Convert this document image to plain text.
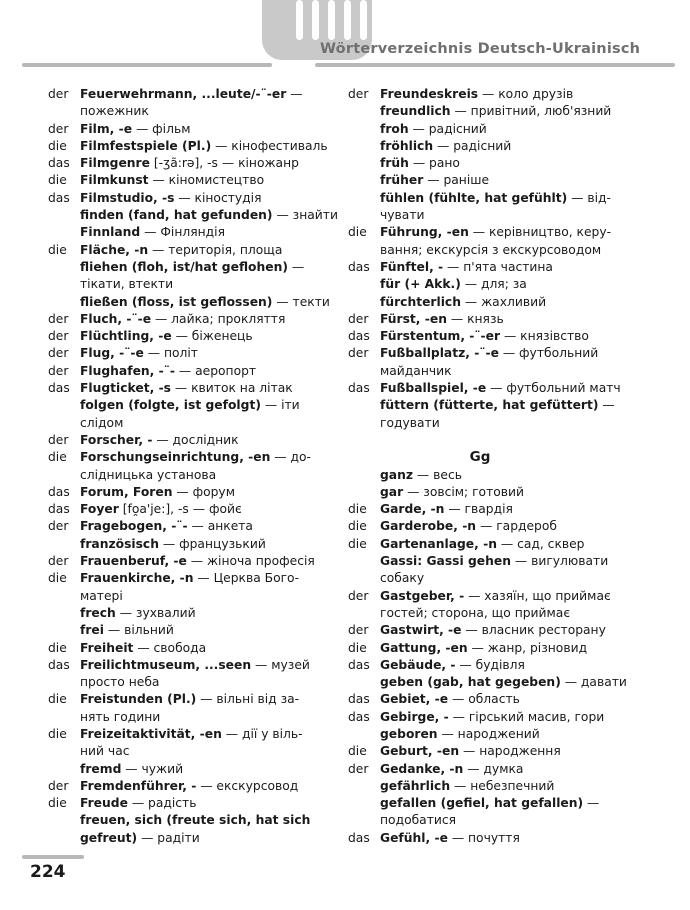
Wörterverzeichnis Deutsch-Ukrainisch
der Feuerwehrmann, ...leute/-¨-er —
пожежник
der Film, -e — фільм
die Filmfestspiele (Pl.) — кінофестиваль
das Filmgenre [-ʒã:rə], -s — кіножанр
die Filmkunst — кіномистецтво
das Filmstudio, -s — кіностудія
finden (fand, hat gefunden) — знайти
Finnland — Фінляндія
die Fläche, -n — територія, площа
fliehen (floh, ist/hat geflohen) —
тікати, втекти
fließen (floss, ist geflossen) — текти
der Fluch, -¨-e — лайка; прокляття
der Flüchtling, -e — біженець
der Flug, -¨-e — політ
der Flughafen, -¨- — аеропорт
das Flugticket, -s — квиток на літак
folgen (folgte, ist gefolgt) — іти
слідом
der Forscher, - — дослідник
die Forschungseinrichtung, -en — до-
слідницька установа
das Forum, Foren — форум
das Foyer [fo̯a'je:], -s — фойє
der Fragebogen, -¨- — анкета
französisch — французький
der Frauenberuf, -e — жіноча професія
die Frauenkirche, -n — Церква Бого-
матері
frech — зухвалий
frei — вільний
die Freiheit — свобода
das Freilichtmuseum, ...seen — музей
просто неба
die Freistunden (Pl.) — вільні від за-
нять години
die Freizeitaktivität, -en — дії у віль-
ний час
fremd — чужий
der Fremdenführer, - — екскурсовод
die Freude — радість
freuen, sich (freute sich, hat sich
gefreut) — радіти
der Freundeskreis — коло друзів
freundlich — привітний, люб'язний
froh — радісний
fröhlich — радісний
früh — рано
früher — раніше
fühlen (fühlte, hat gefühlt) — від-
чувати
die Führung, -en — керівництво, керу-
вання; екскурсія з екскурсоводом
das Fünftel, - — п'ята частина
für (+ Akk.) — для; за
fürchterlich — жахливий
der Fürst, -en — князь
das Fürstentum, -¨-er — князівство
der Fußballplatz, -¨-e — футбольний
майданчик
das Fußballspiel, -e — футбольний матч
füttern (fütterte, hat gefüttert) —
годувати
Gg
ganz — весь
gar — зовсім; готовий
die Garde, -n — гвардія
die Garderobe, -n — гардероб
die Gartenanlage, -n — сад, сквер
Gassi: Gassi gehen — вигулювати
собаку
der Gastgeber, - — хазяїн, що приймає
гостей; сторона, що приймає
der Gastwirt, -e — власник ресторану
die Gattung, -en — жанр, різновид
das Gebäude, - — будівля
geben (gab, hat gegeben) — давати
das Gebiet, -e — область
das Gebirge, - — гірський масив, гори
geboren — народжений
die Geburt, -en — народження
der Gedanke, -n — думка
gefährlich — небезпечний
gefallen (gefiel, hat gefallen) —
подобатися
das Gefühl, -e — почуття
224
